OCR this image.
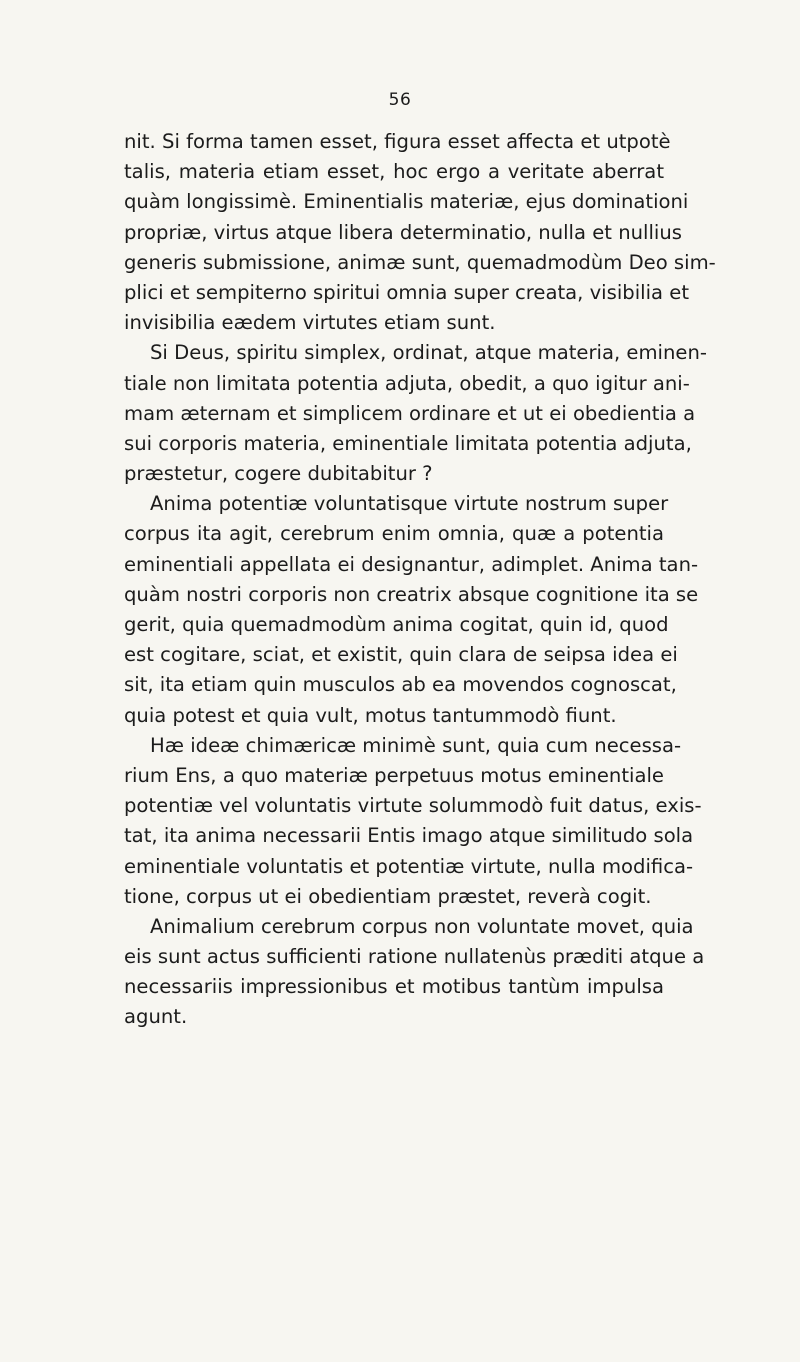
56
nit. Si forma tamen esset, figura esset affecta et utpotè
talis, materia etiam esset, hoc ergo a veritate aberrat
quàm longissimè. Eminentialis materiæ, ejus dominationi
propriæ, virtus atque libera determinatio, nulla et nullius
generis submissione, animæ sunt, quemadmodùm Deo sim-
plici et sempiterno spiritui omnia super creata, visibilia et
invisibilia eædem virtutes etiam sunt.
Si Deus, spiritu simplex, ordinat, atque materia, eminen-
tiale non limitata potentia adjuta, obedit, a quo igitur ani-
mam æternam et simplicem ordinare et ut ei obedientia a
sui corporis materia, eminentiale limitata potentia adjuta,
præstetur, cogere dubitabitur ?
Anima potentiæ voluntatisque virtute nostrum super
corpus ita agit, cerebrum enim omnia, quæ a potentia
eminentiali appellata ei designantur, adimplet. Anima tan-
quàm nostri corporis non creatrix absque cognitione ita se
gerit, quia quemadmodùm anima cogitat, quin id, quod
est cogitare, sciat, et existit, quin clara de seipsa idea ei
sit, ita etiam quin musculos ab ea movendos cognoscat,
quia potest et quia vult, motus tantummodò fiunt.
Hæ ideæ chimæricæ minimè sunt, quia cum necessa-
rium Ens, a quo materiæ perpetuus motus eminentiale
potentiæ vel voluntatis virtute solummodò fuit datus, exis-
tat, ita anima necessarii Entis imago atque similitudo sola
eminentiale voluntatis et potentiæ virtute, nulla modifica-
tione, corpus ut ei obedientiam præstet, reverà cogit.
Animalium cerebrum corpus non voluntate movet, quia
eis sunt actus sufficienti ratione nullatenùs præditi atque a
necessariis impressionibus et motibus tantùm impulsa
agunt.
